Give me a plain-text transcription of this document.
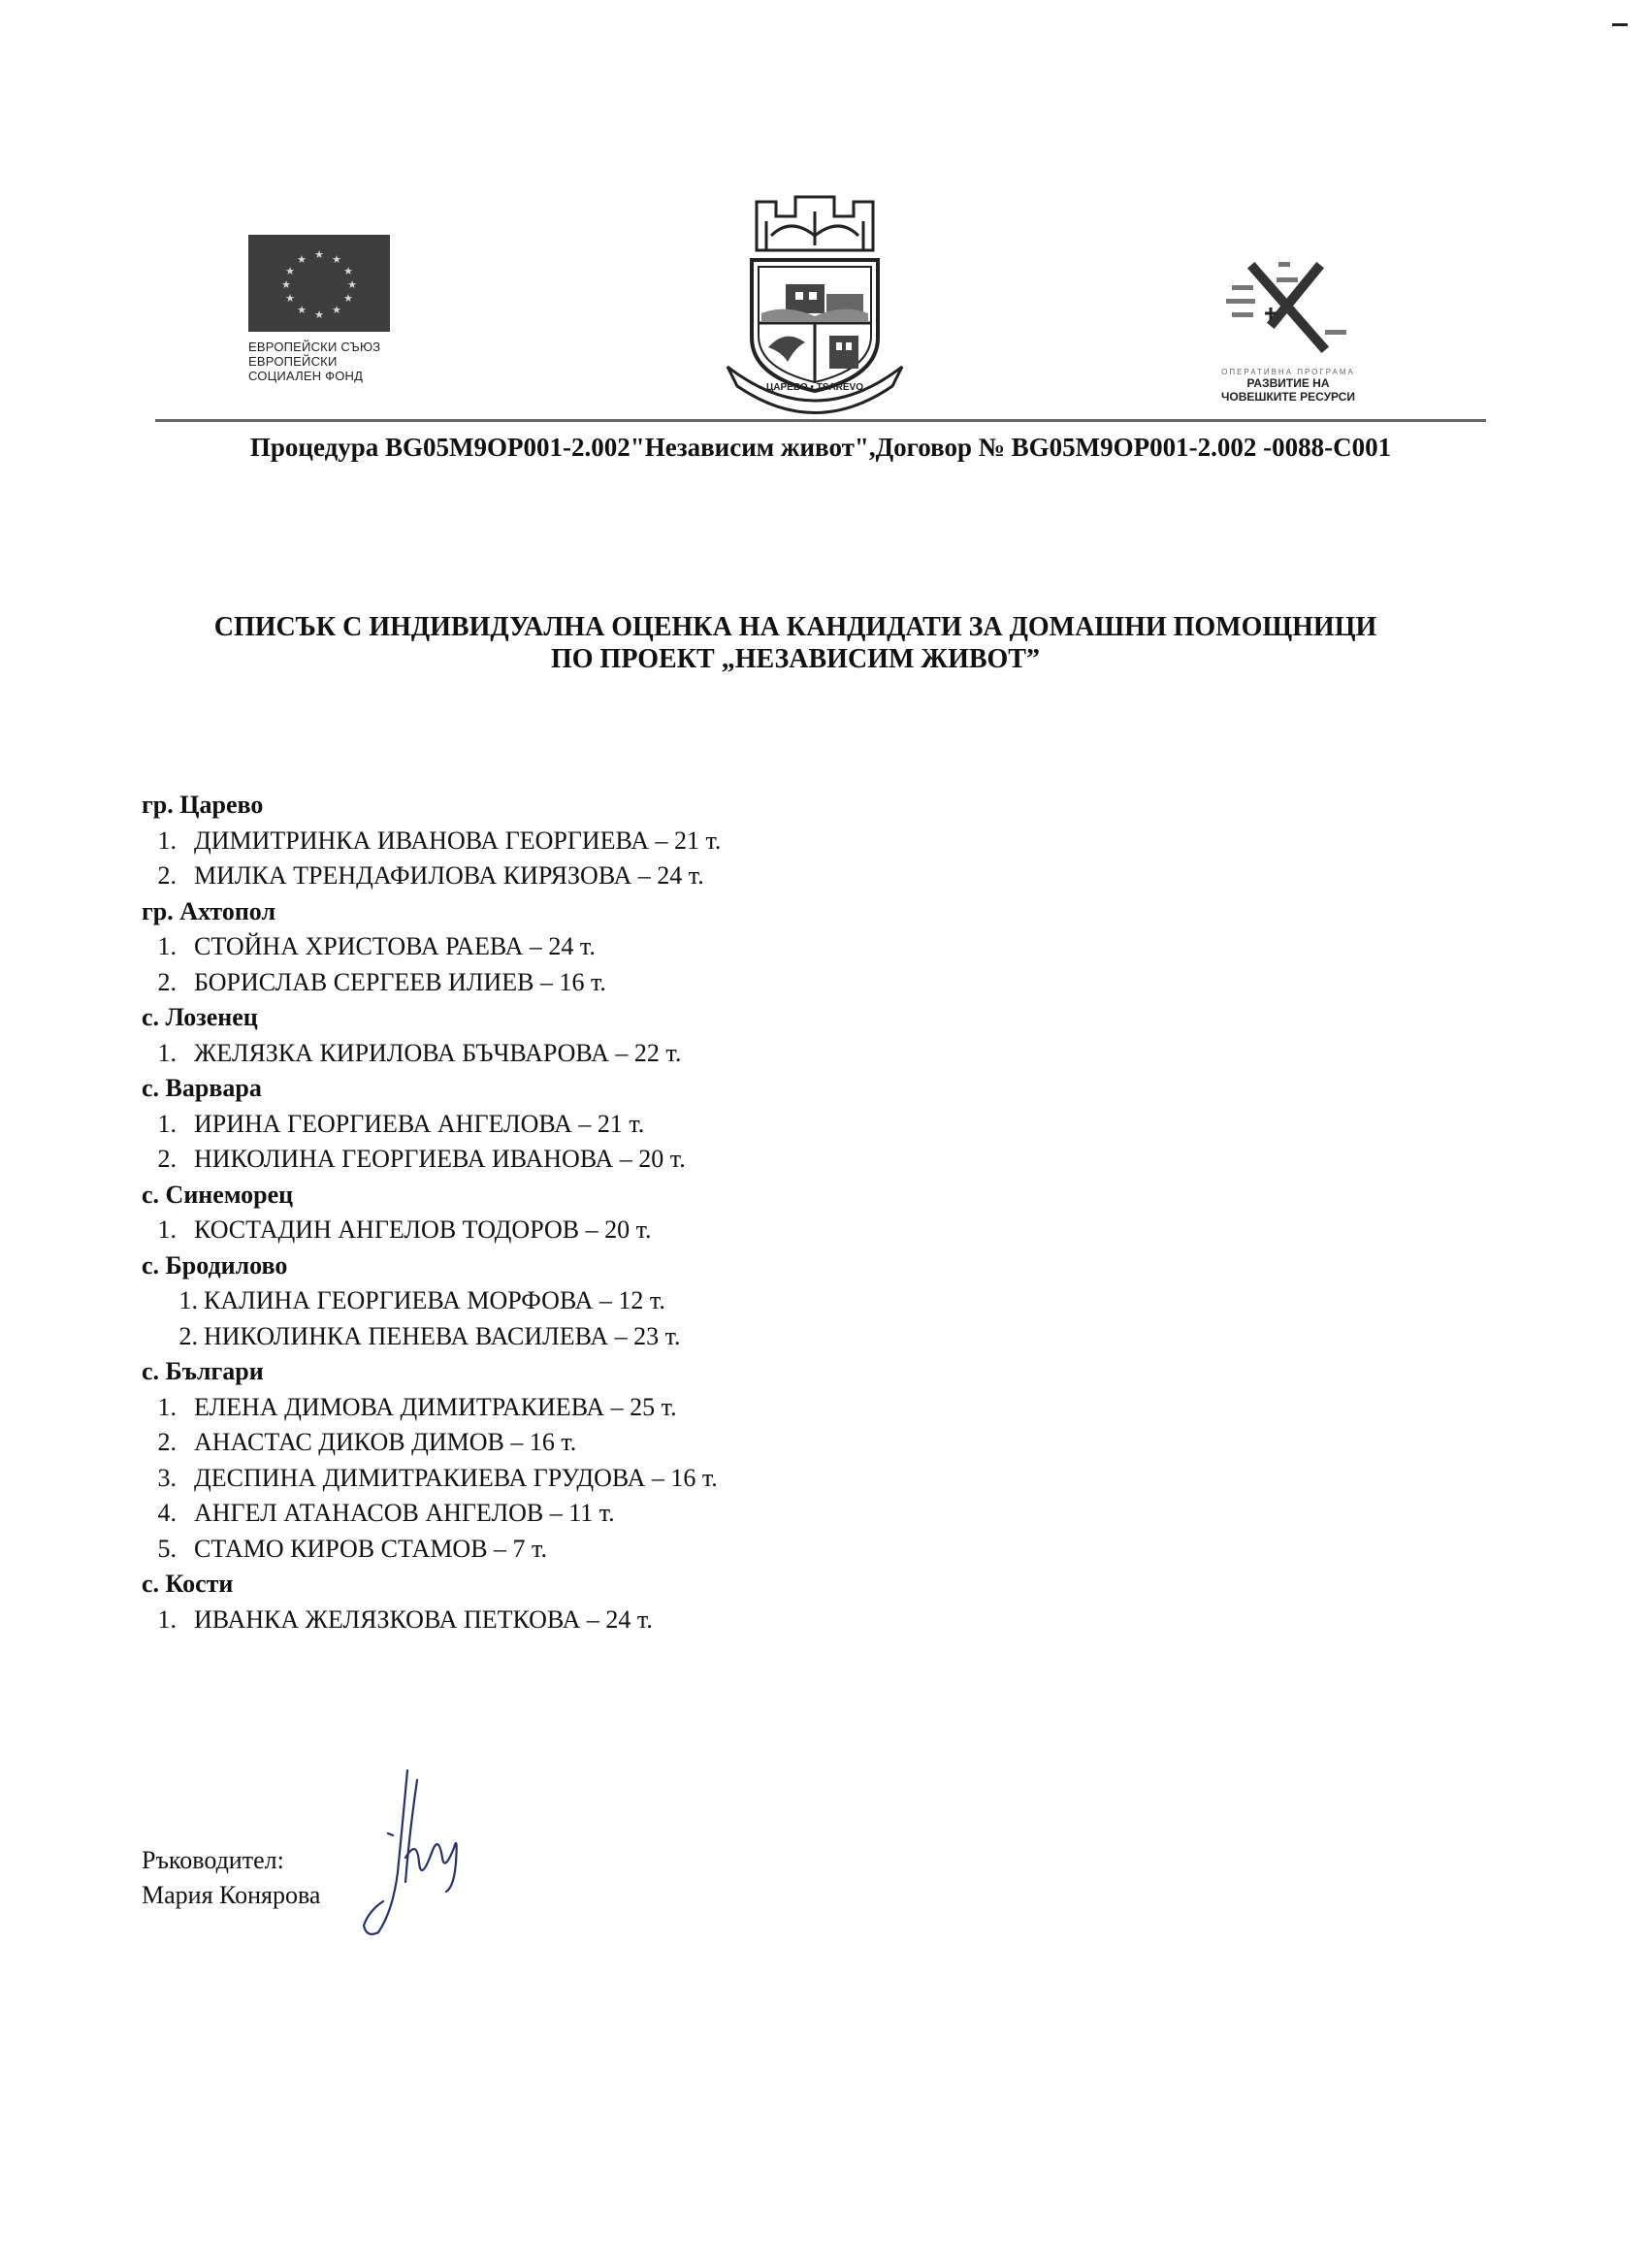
★ ★
★
★
★
★
★
★
★
★
★
★
ЕВРОПЕЙСКИ СЪЮЗ
ЕВРОПЕЙСКИ
СОЦИАЛЕН ФОНД
ЦАРЕВО • TSAREVO
ОПЕРАТИВНА ПРОГРАМА
РАЗВИТИЕ НА
ЧОВЕШКИТЕ РЕСУРСИ
Процедура BG05M9OP001-2.002"Независим живот",Договор № BG05M9OP001-2.002 -0088-C001
СПИСЪК С ИНДИВИДУАЛНА ОЦЕНКА НА КАНДИДАТИ ЗА ДОМАШНИ ПОМОЩНИЦИ
ПО ПРОЕКТ „НЕЗАВИСИМ ЖИВОТ”
гр. Царево
1. ДИМИТРИНКА ИВАНОВА ГЕОРГИЕВА – 21 т.
2. МИЛКА ТРЕНДАФИЛОВА КИРЯЗОВА – 24 т.
гр. Ахтопол
1. СТОЙНА ХРИСТОВА РАЕВА – 24 т.
2. БОРИСЛАВ СЕРГЕЕВ ИЛИЕВ – 16 т.
с. Лозенец
1. ЖЕЛЯЗКА КИРИЛОВА БЪЧВАРОВА – 22 т.
с. Варвара
1. ИРИНА ГЕОРГИЕВА АНГЕЛОВА – 21 т.
2. НИКОЛИНА ГЕОРГИЕВА ИВАНОВА – 20 т.
с. Синеморец
1. КОСТАДИН АНГЕЛОВ ТОДОРОВ – 20 т.
с. Бродилово
1. КАЛИНА ГЕОРГИЕВА МОРФОВА – 12 т.
2. НИКОЛИНКА ПЕНЕВА ВАСИЛЕВА – 23 т.
с. Българи
1. ЕЛЕНА ДИМОВА ДИМИТРАКИЕВА – 25 т.
2. АНАСТАС ДИКОВ ДИМОВ – 16 т.
3. ДЕСПИНА ДИМИТРАКИЕВА ГРУДОВА – 16 т.
4. АНГЕЛ АТАНАСОВ АНГЕЛОВ – 11 т.
5. СТАМО КИРОВ СТАМОВ – 7 т.
с. Кости
1. ИВАНКА ЖЕЛЯЗКОВА ПЕТКОВА – 24 т.
Ръководител:
Мария Конярова
